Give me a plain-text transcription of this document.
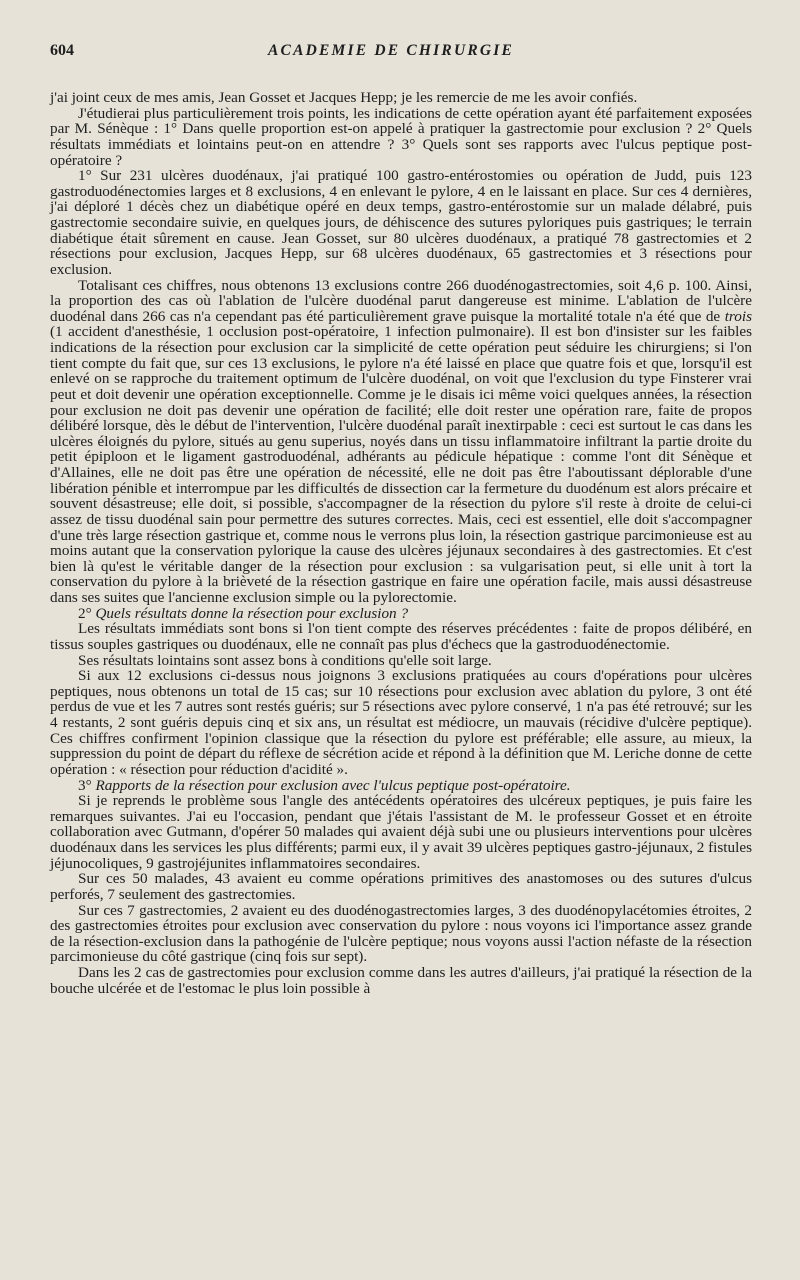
604	ACADEMIE DE CHIRURGIE

j'ai joint ceux de mes amis, Jean Gosset et Jacques Hepp; je les remercie de me les avoir confiés.

J'étudierai plus particulièrement trois points, les indications de cette opération ayant été parfaitement exposées par M. Sénèque : 1° Dans quelle proportion est-on appelé à pratiquer la gastrectomie pour exclusion ? 2° Quels résultats immédiats et lointains peut-on en attendre ? 3° Quels sont ses rapports avec l'ulcus peptique post-opératoire ?

1° Sur 231 ulcères duodénaux, j'ai pratiqué 100 gastro-entérostomies ou opération de Judd, puis 123 gastroduodénectomies larges et 8 exclusions, 4 en enlevant le pylore, 4 en le laissant en place. Sur ces 4 dernières, j'ai déploré 1 décès chez un diabétique opéré en deux temps, gastro-entérostomie sur un malade délabré, puis gastrectomie secondaire suivie, en quelques jours, de déhiscence des sutures pyloriques puis gastriques; le terrain diabétique était sûrement en cause. Jean Gosset, sur 80 ulcères duodénaux, a pratiqué 78 gastrectomies et 2 résections pour exclusion, Jacques Hepp, sur 68 ulcères duodénaux, 65 gastrectomies et 3 résections pour exclusion.

Totalisant ces chiffres, nous obtenons 13 exclusions contre 266 duodénogastrectomies, soit 4,6 p. 100. Ainsi, la proportion des cas où l'ablation de l'ulcère duodénal parut dangereuse est minime. L'ablation de l'ulcère duodénal dans 266 cas n'a cependant pas été particulièrement grave puisque la mortalité totale n'a été que de trois (1 accident d'anesthésie, 1 occlusion post-opératoire, 1 infection pulmonaire). Il est bon d'insister sur les faibles indications de la résection pour exclusion car la simplicité de cette opération peut séduire les chirurgiens; si l'on tient compte du fait que, sur ces 13 exclusions, le pylore n'a été laissé en place que quatre fois et que, lorsqu'il est enlevé on se rapproche du traitement optimum de l'ulcère duodénal, on voit que l'exclusion du type Finsterer vrai peut et doit devenir une opération exceptionnelle. Comme je le disais ici même voici quelques années, la résection pour exclusion ne doit pas devenir une opération de facilité; elle doit rester une opération rare, faite de propos délibéré lorsque, dès le début de l'intervention, l'ulcère duodénal paraît inextirpable : ceci est surtout le cas dans les ulcères éloignés du pylore, situés au genu superius, noyés dans un tissu inflammatoire infiltrant la partie droite du petit épiploon et le ligament gastroduodénal, adhérants au pédicule hépatique : comme l'ont dit Sénèque et d'Allaines, elle ne doit pas être une opération de nécessité, elle ne doit pas être l'aboutissant déplorable d'une libération pénible et interrompue par les difficultés de dissection car la fermeture du duodénum est alors précaire et souvent désastreuse; elle doit, si possible, s'accompagner de la résection du pylore s'il reste à droite de celui-ci assez de tissu duodénal sain pour permettre des sutures correctes. Mais, ceci est essentiel, elle doit s'accompagner d'une très large résection gastrique et, comme nous le verrons plus loin, la résection gastrique parcimonieuse est au moins autant que la conservation pylorique la cause des ulcères jéjunaux secondaires à des gastrectomies. Et c'est bien là qu'est le véritable danger de la résection pour exclusion : sa vulgarisation peut, si elle unit à tort la conservation du pylore à la brièveté de la résection gastrique en faire une opération facile, mais aussi désastreuse dans ses suites que l'ancienne exclusion simple ou la pylorectomie.

2° Quels résultats donne la résection pour exclusion ?

Les résultats immédiats sont bons si l'on tient compte des réserves précédentes : faite de propos délibéré, en tissus souples gastriques ou duodénaux, elle ne connaît pas plus d'échecs que la gastroduodénectomie.

Ses résultats lointains sont assez bons à conditions qu'elle soit large.

Si aux 12 exclusions ci-dessus nous joignons 3 exclusions pratiquées au cours d'opérations pour ulcères peptiques, nous obtenons un total de 15 cas; sur 10 résections pour exclusion avec ablation du pylore, 3 ont été perdus de vue et les 7 autres sont restés guéris; sur 5 résections avec pylore conservé, 1 n'a pas été retrouvé; sur les 4 restants, 2 sont guéris depuis cinq et six ans, un résultat est médiocre, un mauvais (récidive d'ulcère peptique). Ces chiffres confirment l'opinion classique que la résection du pylore est préférable; elle assure, au mieux, la suppression du point de départ du réflexe de sécrétion acide et répond à la définition que M. Leriche donne de cette opération : « résection pour réduction d'acidité ».

3° Rapports de la résection pour exclusion avec l'ulcus peptique post-opératoire.

Si je reprends le problème sous l'angle des antécédents opératoires des ulcéreux peptiques, je puis faire les remarques suivantes. J'ai eu l'occasion, pendant que j'étais l'assistant de M. le professeur Gosset et en étroite collaboration avec Gutmann, d'opérer 50 malades qui avaient déjà subi une ou plusieurs interventions pour ulcères duodénaux dans les services les plus différents; parmi eux, il y avait 39 ulcères peptiques gastro-jéjunaux, 2 fistules jéjunocoliques, 9 gastrojéjunites inflammatoires secondaires.

Sur ces 50 malades, 43 avaient eu comme opérations primitives des anastomoses ou des sutures d'ulcus perforés, 7 seulement des gastrectomies.

Sur ces 7 gastrectomies, 2 avaient eu des duodénogastrectomies larges, 3 des duodénopylacétomies étroites, 2 des gastrectomies étroites pour exclusion avec conservation du pylore : nous voyons ici l'importance assez grande de la résection-exclusion dans la pathogénie de l'ulcère peptique; nous voyons aussi l'action néfaste de la résection parcimonieuse du côté gastrique (cinq fois sur sept).

Dans les 2 cas de gastrectomies pour exclusion comme dans les autres d'ailleurs, j'ai pratiqué la résection de la bouche ulcérée et de l'estomac le plus loin possible à
